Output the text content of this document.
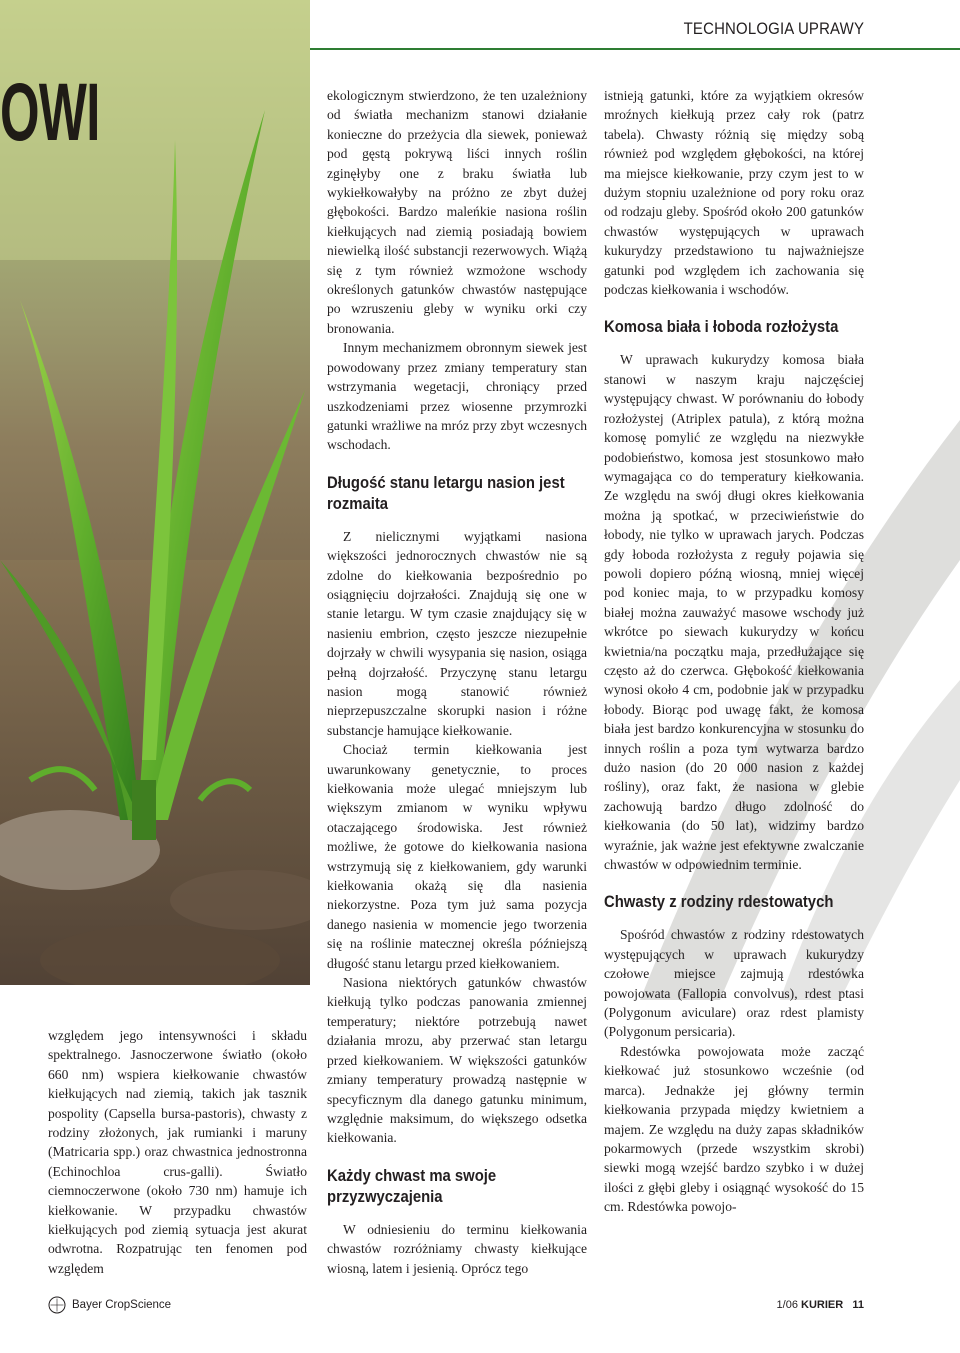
TECHNOLOGIA UPRAWY
OWI

względem jego intensywności i składu spektralnego. Jasnoczerwone światło (około 660 nm) wspiera kiełkowanie chwastów kiełkujących nad ziemią, takich jak tasznik pospolity (Capsella bursa-pastoris), chwasty z rodziny złożonych, jak rumianki i maruny (Matricaria spp.) oraz chwastnica jednostronna (Echinochloa crus-galli). Światło ciemnoczerwone (około 730 nm) hamuje ich kiełkowanie. W przypadku chwastów kiełkujących pod ziemią sytuacja jest akurat odwrotna. Rozpatrując ten fenomen pod względem

ekologicznym stwierdzono, że ten uzależniony od światła mechanizm stanowi działanie konieczne do przeżycia dla siewek, ponieważ pod gęstą pokrywą liści innych roślin zginęłyby one z braku światła lub wykiełkowałyby na próżno ze zbyt dużej głębokości. Bardzo maleńkie nasiona roślin kiełkujących nad ziemią posiadają bowiem niewielką ilość substancji rezerwowych. Wiążą się z tym również wzmożone wschody określonych gatunków chwastów następujące po wzruszeniu gleby w wyniku orki czy bronowania.

Innym mechanizmem obronnym siewek jest powodowany przez zmiany temperatury stan wstrzymania wegetacji, chroniący przed uszkodzeniami przez wiosenne przymrozki gatunki wrażliwe na mróz przy zbyt wczesnych wschodach.

Długość stanu letargu nasion jest rozmaita

Z nielicznymi wyjątkami nasiona większości jednorocznych chwastów nie są zdolne do kiełkowania bezpośrednio po osiągnięciu dojrzałości. Znajdują się one w stanie letargu. W tym czasie znajdujący się w nasieniu embrion, często jeszcze niezupełnie dojrzały w chwili wysypania się nasion, osiąga pełną dojrzałość. Przyczynę stanu letargu nasion mogą stanowić również nieprzepuszczalne skorupki nasion i różne substancje hamujące kiełkowanie.

Chociaż termin kiełkowania jest uwarunkowany genetycznie, to proces kiełkowania może ulegać mniejszym lub większym zmianom w wyniku wpływu otaczającego środowiska. Jest również możliwe, że gotowe do kiełkowania nasiona wstrzymują się z kiełkowaniem, gdy warunki kiełkowania okażą się dla nasienia niekorzystne. Poza tym już sama pozycja danego nasienia w momencie jego tworzenia się na roślinie matecznej określa późniejszą długość stanu letargu przed kiełkowaniem.

Nasiona niektórych gatunków chwastów kiełkują tylko podczas panowania zmiennej temperatury; niektóre potrzebują nawet działania mrozu, aby przerwać stan letargu przed kiełkowaniem. W większości gatunków zmiany temperatury prowadzą następnie w specyficznym dla danego gatunku minimum, względnie maksimum, do większego odsetka kiełkowania.

Każdy chwast ma swoje przyzwyczajenia

W odniesieniu do terminu kiełkowania chwastów rozróżniamy chwasty kiełkujące wiosną, latem i jesienią. Oprócz tego

istnieją gatunki, które za wyjątkiem okresów mroźnych kiełkują przez cały rok (patrz tabela). Chwasty różnią się między sobą również pod względem głębokości, na której ma miejsce kiełkowanie, przy czym jest to w dużym stopniu uzależnione od pory roku oraz od rodzaju gleby. Spośród około 200 gatunków chwastów występujących w uprawach kukurydzy przedstawiono tu najważniejsze gatunki pod względem ich zachowania się podczas kiełkowania i wschodów.

Komosa biała i łoboda rozłożysta

W uprawach kukurydzy komosa biała stanowi w naszym kraju najczęściej występujący chwast. W porównaniu do łobody rozłożystej (Atriplex patula), z którą można komosę pomylić ze względu na niezwykłe podobieństwo, komosa jest stosunkowo mało wymagająca co do temperatury kiełkowania. Ze względu na swój długi okres kiełkowania można ją spotkać, w przeciwieństwie do łobody, nie tylko w uprawach jarych. Podczas gdy łoboda rozłożysta z reguły pojawia się powoli dopiero późną wiosną, mniej więcej pod koniec maja, to w przypadku komosy białej można zauważyć masowe wschody już wkrótce po siewach kukurydzy w końcu kwietnia/na początku maja, przedłużające się często aż do czerwca. Głębokość kiełkowania wynosi około 4 cm, podobnie jak w przypadku łobody. Biorąc pod uwagę fakt, że komosa biała jest bardzo konkurencyjna w stosunku do innych roślin a poza tym wytwarza bardzo dużo nasion (do 20 000 nasion z każdej rośliny), oraz fakt, że nasiona w glebie zachowują bardzo długo zdolność do kiełkowania (do 50 lat), widzimy bardzo wyraźnie, jak ważne jest efektywne zwalczanie chwastów w odpowiednim terminie.

Chwasty z rodziny rdestowatych

Spośród chwastów z rodziny rdestowatych występujących w uprawach kukurydzy czołowe miejsce zajmują rdestówka powojowata (Fallopia convolvus), rdest ptasi (Polygonum aviculare) oraz rdest plamisty (Polygonum persicaria).

Rdestówka powojowata może zacząć kiełkować już stosunkowo wcześnie (od marca). Jednakże jej główny termin kiełkowania przypada między kwietniem a majem. Ze względu na duży zapas składników pokarmowych (przede wszystkim skrobi) siewki mogą wzejść bardzo szybko i w dużej ilości z głębi gleby i osiągnąć wysokość do 15 cm. Rdestówka powojo-

Bayer CropScience	1/06 KURIER 11
